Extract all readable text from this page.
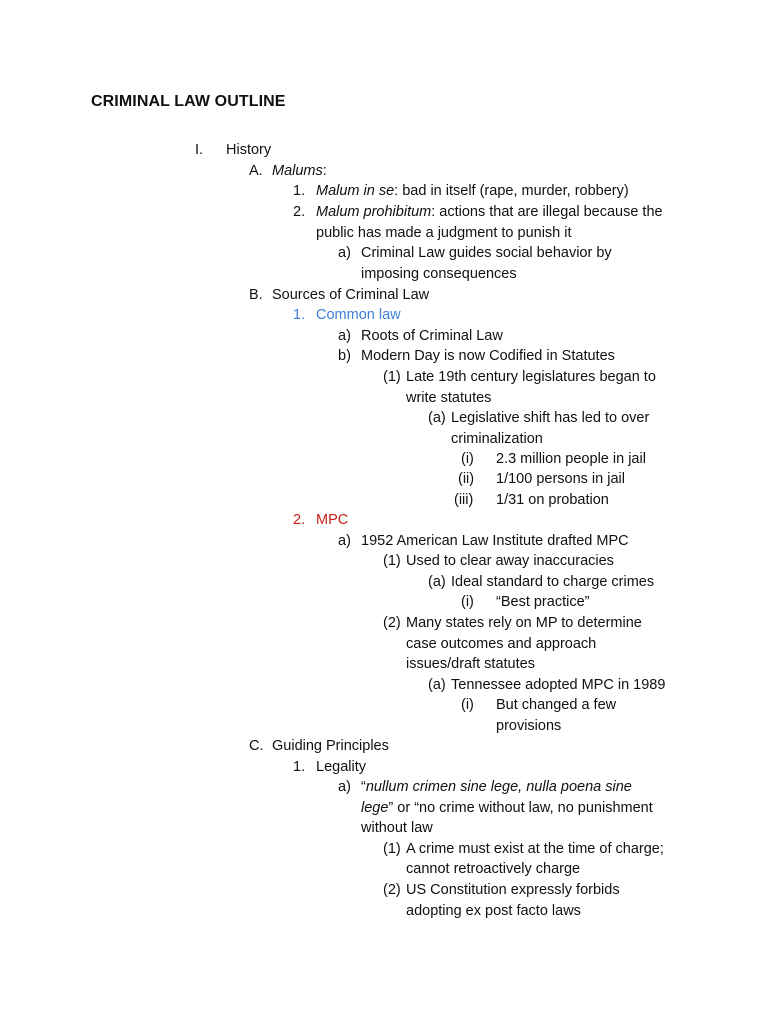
CRIMINAL LAW OUTLINE
I. History
A. Malums:
1. Malum in se: bad in itself (rape, murder, robbery)
2. Malum prohibitum: actions that are illegal because the
public has made a judgment to punish it
a) Criminal Law guides social behavior by
imposing consequences
B. Sources of Criminal Law
1. Common law
a) Roots of Criminal Law
b) Modern Day is now Codified in Statutes
(1) Late 19th century legislatures began to
write statutes
(a) Legislative shift has led to over
criminalization
(i) 2.3 million people in jail
(ii) 1/100 persons in jail
(iii) 1/31 on probation
2. MPC
a) 1952 American Law Institute drafted MPC
(1) Used to clear away inaccuracies
(a) Ideal standard to charge crimes
(i) “Best practice”
(2) Many states rely on MP to determine
case outcomes and approach
issues/draft statutes
(a) Tennessee adopted MPC in 1989
(i) But changed a few
provisions
C. Guiding Principles
1. Legality
a) “nullum crimen sine lege, nulla poena sine
lege” or “no crime without law, no punishment
without law
(1) A crime must exist at the time of charge;
cannot retroactively charge
(2) US Constitution expressly forbids
adopting ex post facto laws
